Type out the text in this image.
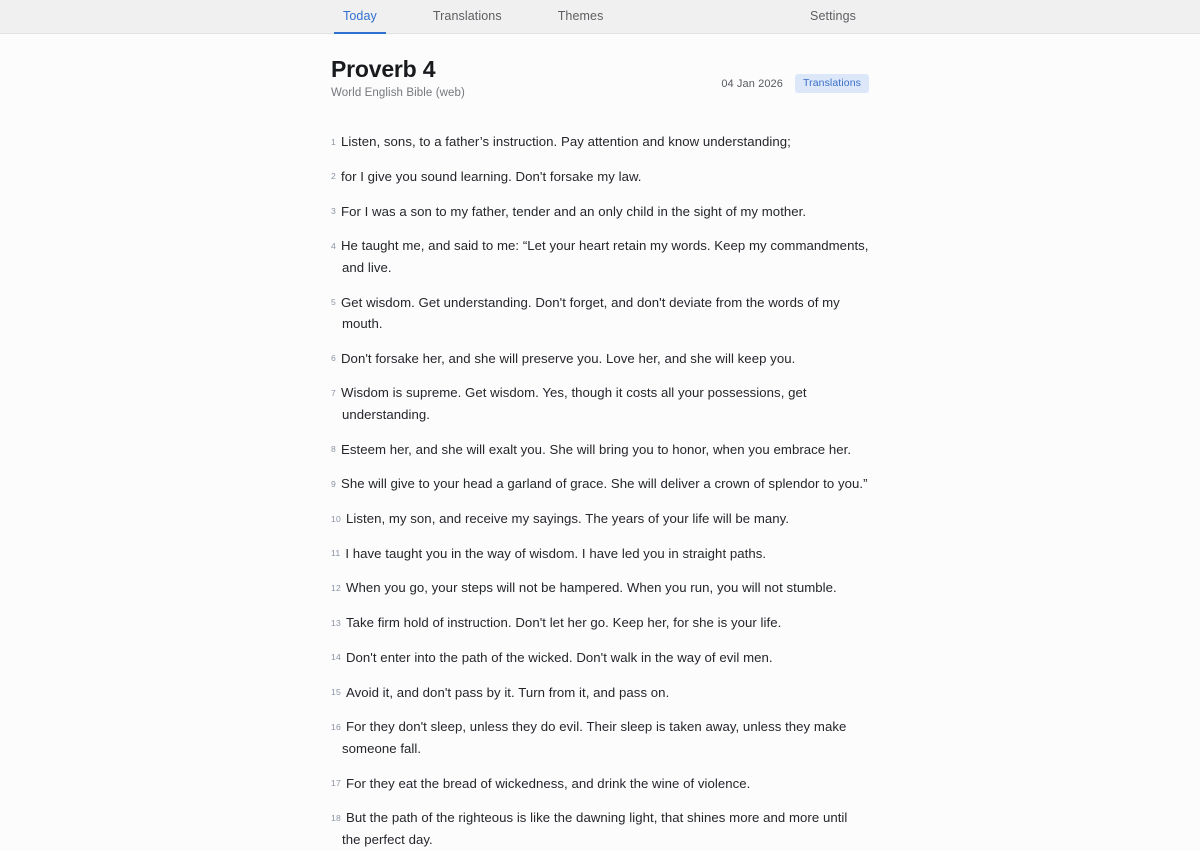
Today	Translations	Themes	Settings
Proverb 4
World English Bible (web)
04 Jan 2026	Translations

1 Listen, sons, to a father’s instruction. Pay attention and know understanding;

2 for I give you sound learning. Don't forsake my law.

3 For I was a son to my father, tender and an only child in the sight of my mother.

4 He taught me, and said to me: “Let your heart retain my words. Keep my commandments, and live.

5 Get wisdom. Get understanding. Don't forget, and don't deviate from the words of my mouth.

6 Don't forsake her, and she will preserve you. Love her, and she will keep you.

7 Wisdom is supreme. Get wisdom. Yes, though it costs all your possessions, get understanding.

8 Esteem her, and she will exalt you. She will bring you to honor, when you embrace her.

9 She will give to your head a garland of grace. She will deliver a crown of splendor to you.”

10 Listen, my son, and receive my sayings. The years of your life will be many.

11 I have taught you in the way of wisdom. I have led you in straight paths.

12 When you go, your steps will not be hampered. When you run, you will not stumble.

13 Take firm hold of instruction. Don't let her go. Keep her, for she is your life.

14 Don't enter into the path of the wicked. Don't walk in the way of evil men.

15 Avoid it, and don't pass by it. Turn from it, and pass on.

16 For they don't sleep, unless they do evil. Their sleep is taken away, unless they make someone fall.

17 For they eat the bread of wickedness, and drink the wine of violence.

18 But the path of the righteous is like the dawning light, that shines more and more until the perfect day.
